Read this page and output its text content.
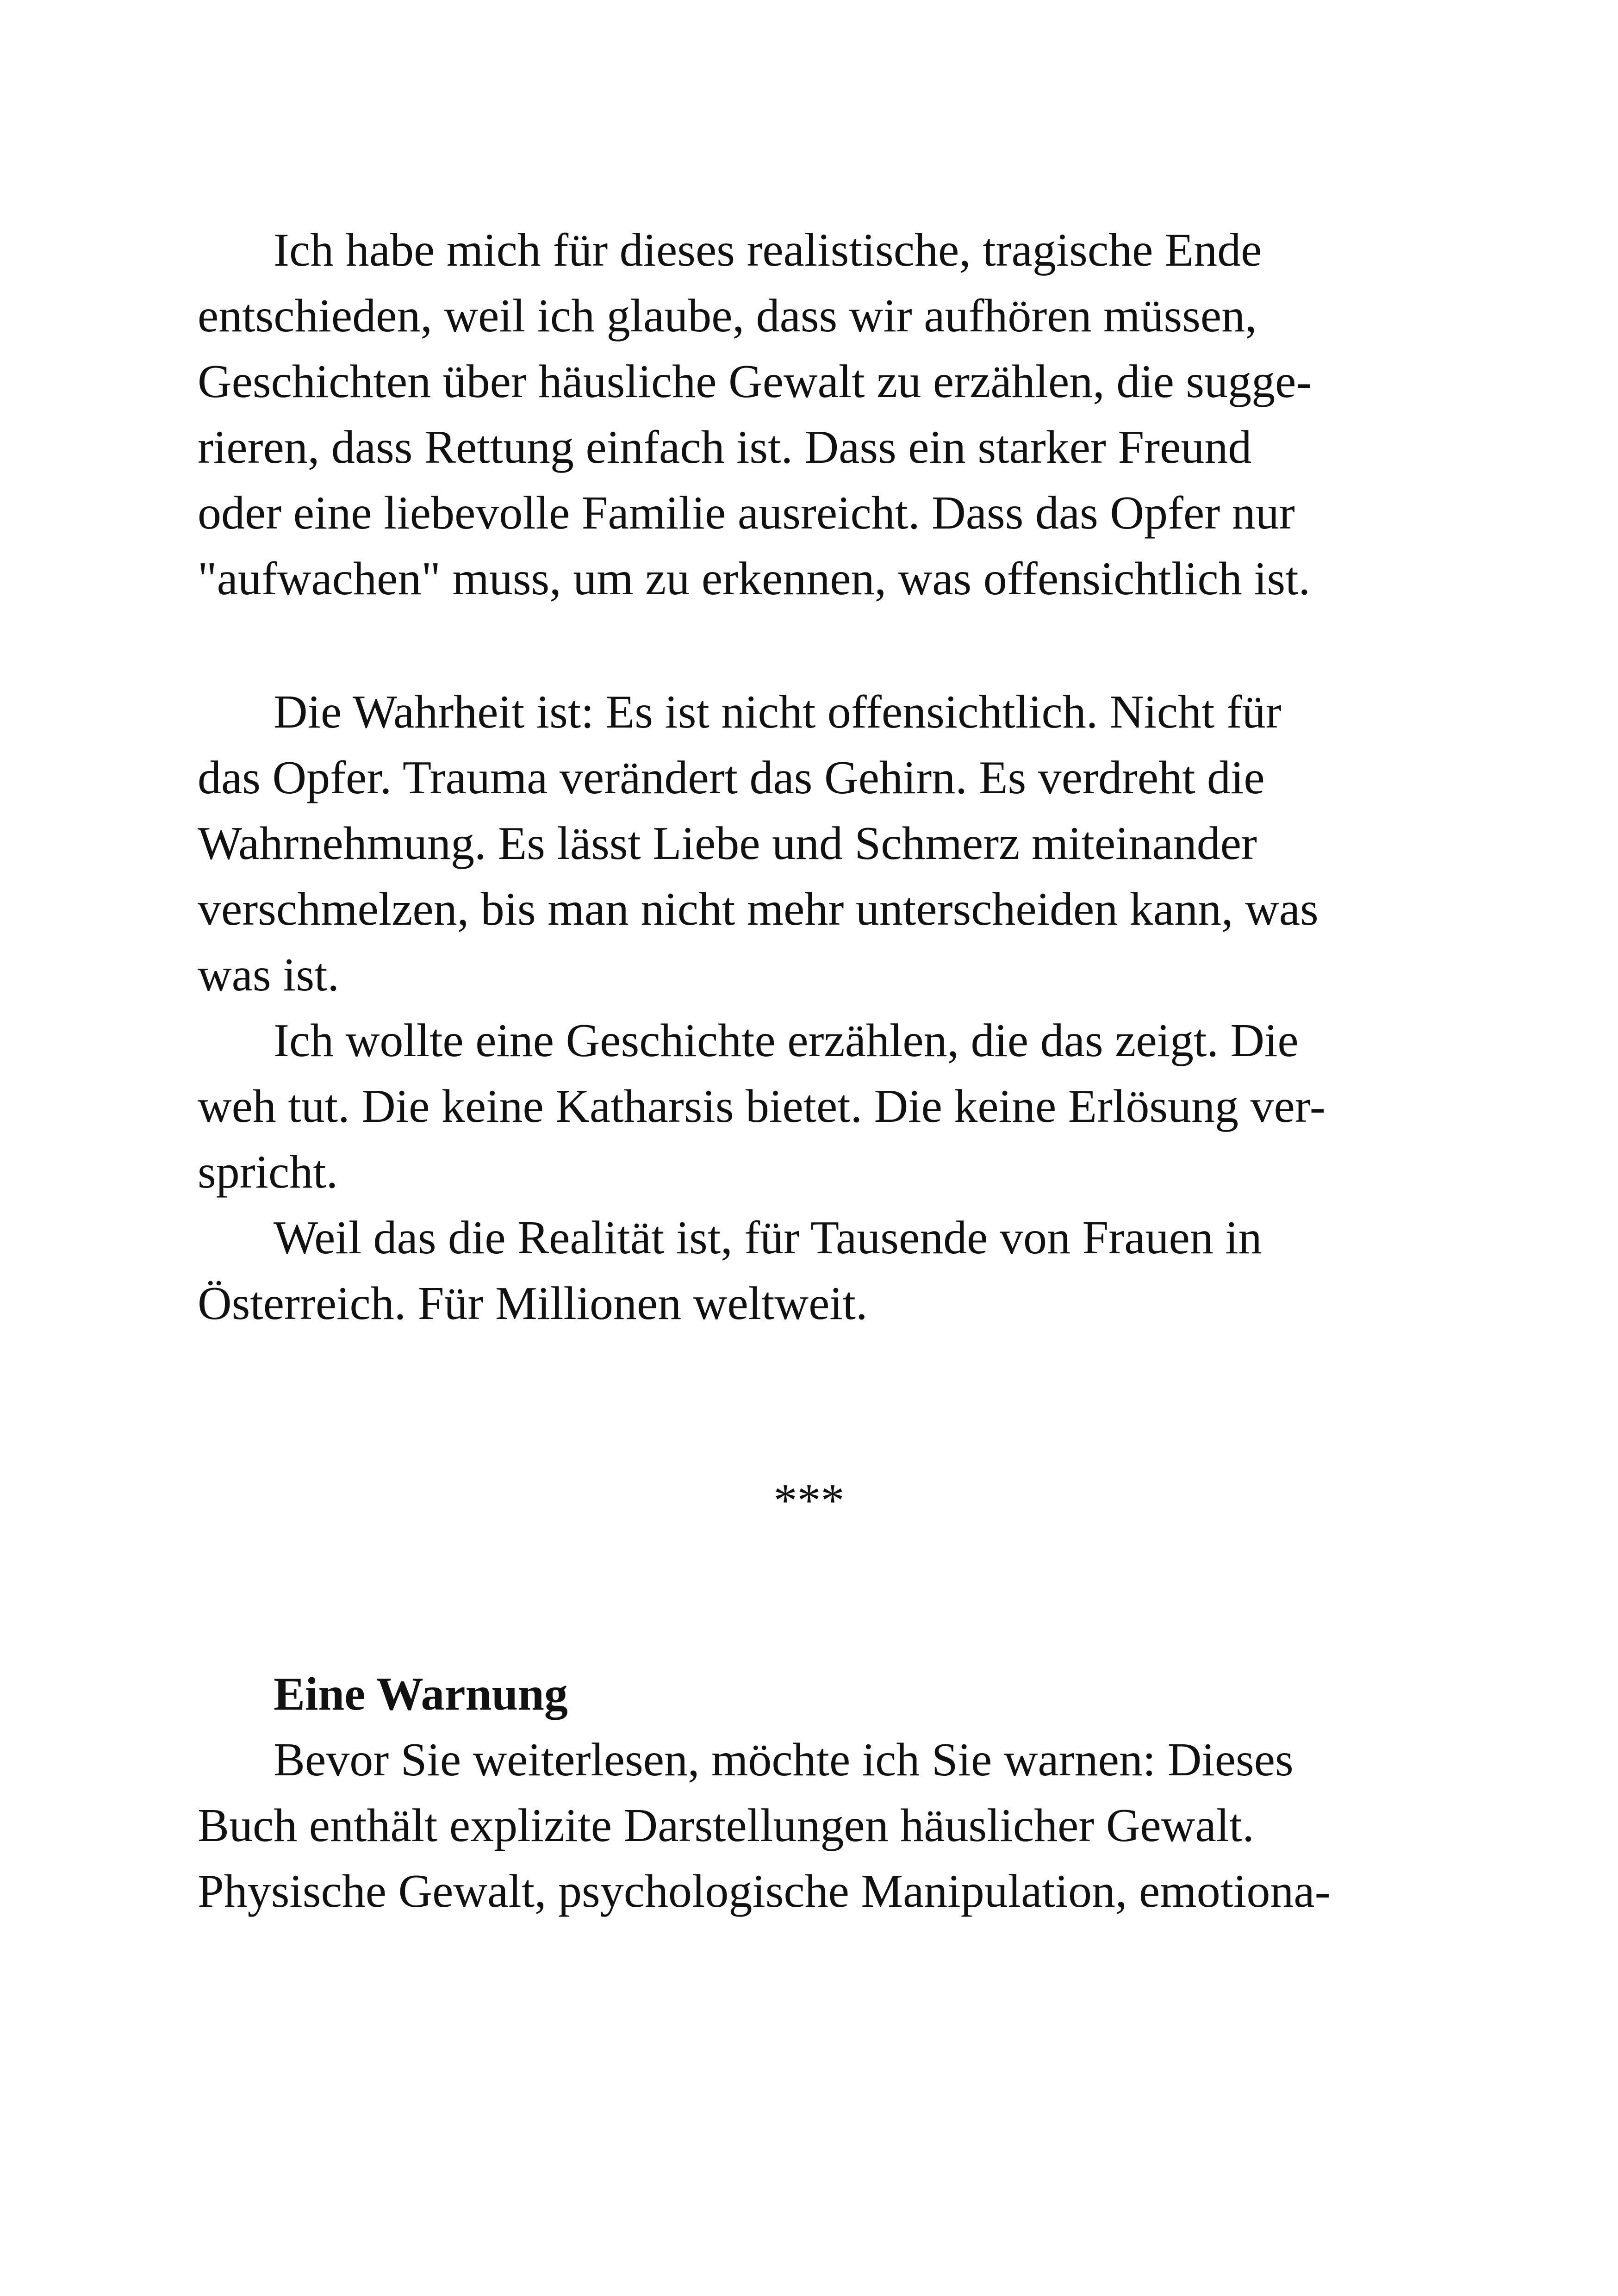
Ich habe mich für dieses realistische, tragische Ende

entschieden, weil ich glaube, dass wir aufhören müssen,

Geschichten über häusliche Gewalt zu erzählen, die sugge-

rieren, dass Rettung einfach ist. Dass ein starker Freund

oder eine liebevolle Familie ausreicht. Dass das Opfer nur

"aufwachen" muss, um zu erkennen, was offensichtlich ist.

Die Wahrheit ist: Es ist nicht offensichtlich. Nicht für

das Opfer. Trauma verändert das Gehirn. Es verdreht die

Wahrnehmung. Es lässt Liebe und Schmerz miteinander

verschmelzen, bis man nicht mehr unterscheiden kann, was

was ist.

Ich wollte eine Geschichte erzählen, die das zeigt. Die

weh tut. Die keine Katharsis bietet. Die keine Erlösung ver-

spricht.

Weil das die Realität ist, für Tausende von Frauen in

Österreich. Für Millionen weltweit.

***

Eine Warnung

Bevor Sie weiterlesen, möchte ich Sie warnen: Dieses

Buch enthält explizite Darstellungen häuslicher Gewalt.

Physische Gewalt, psychologische Manipulation, emotiona-
